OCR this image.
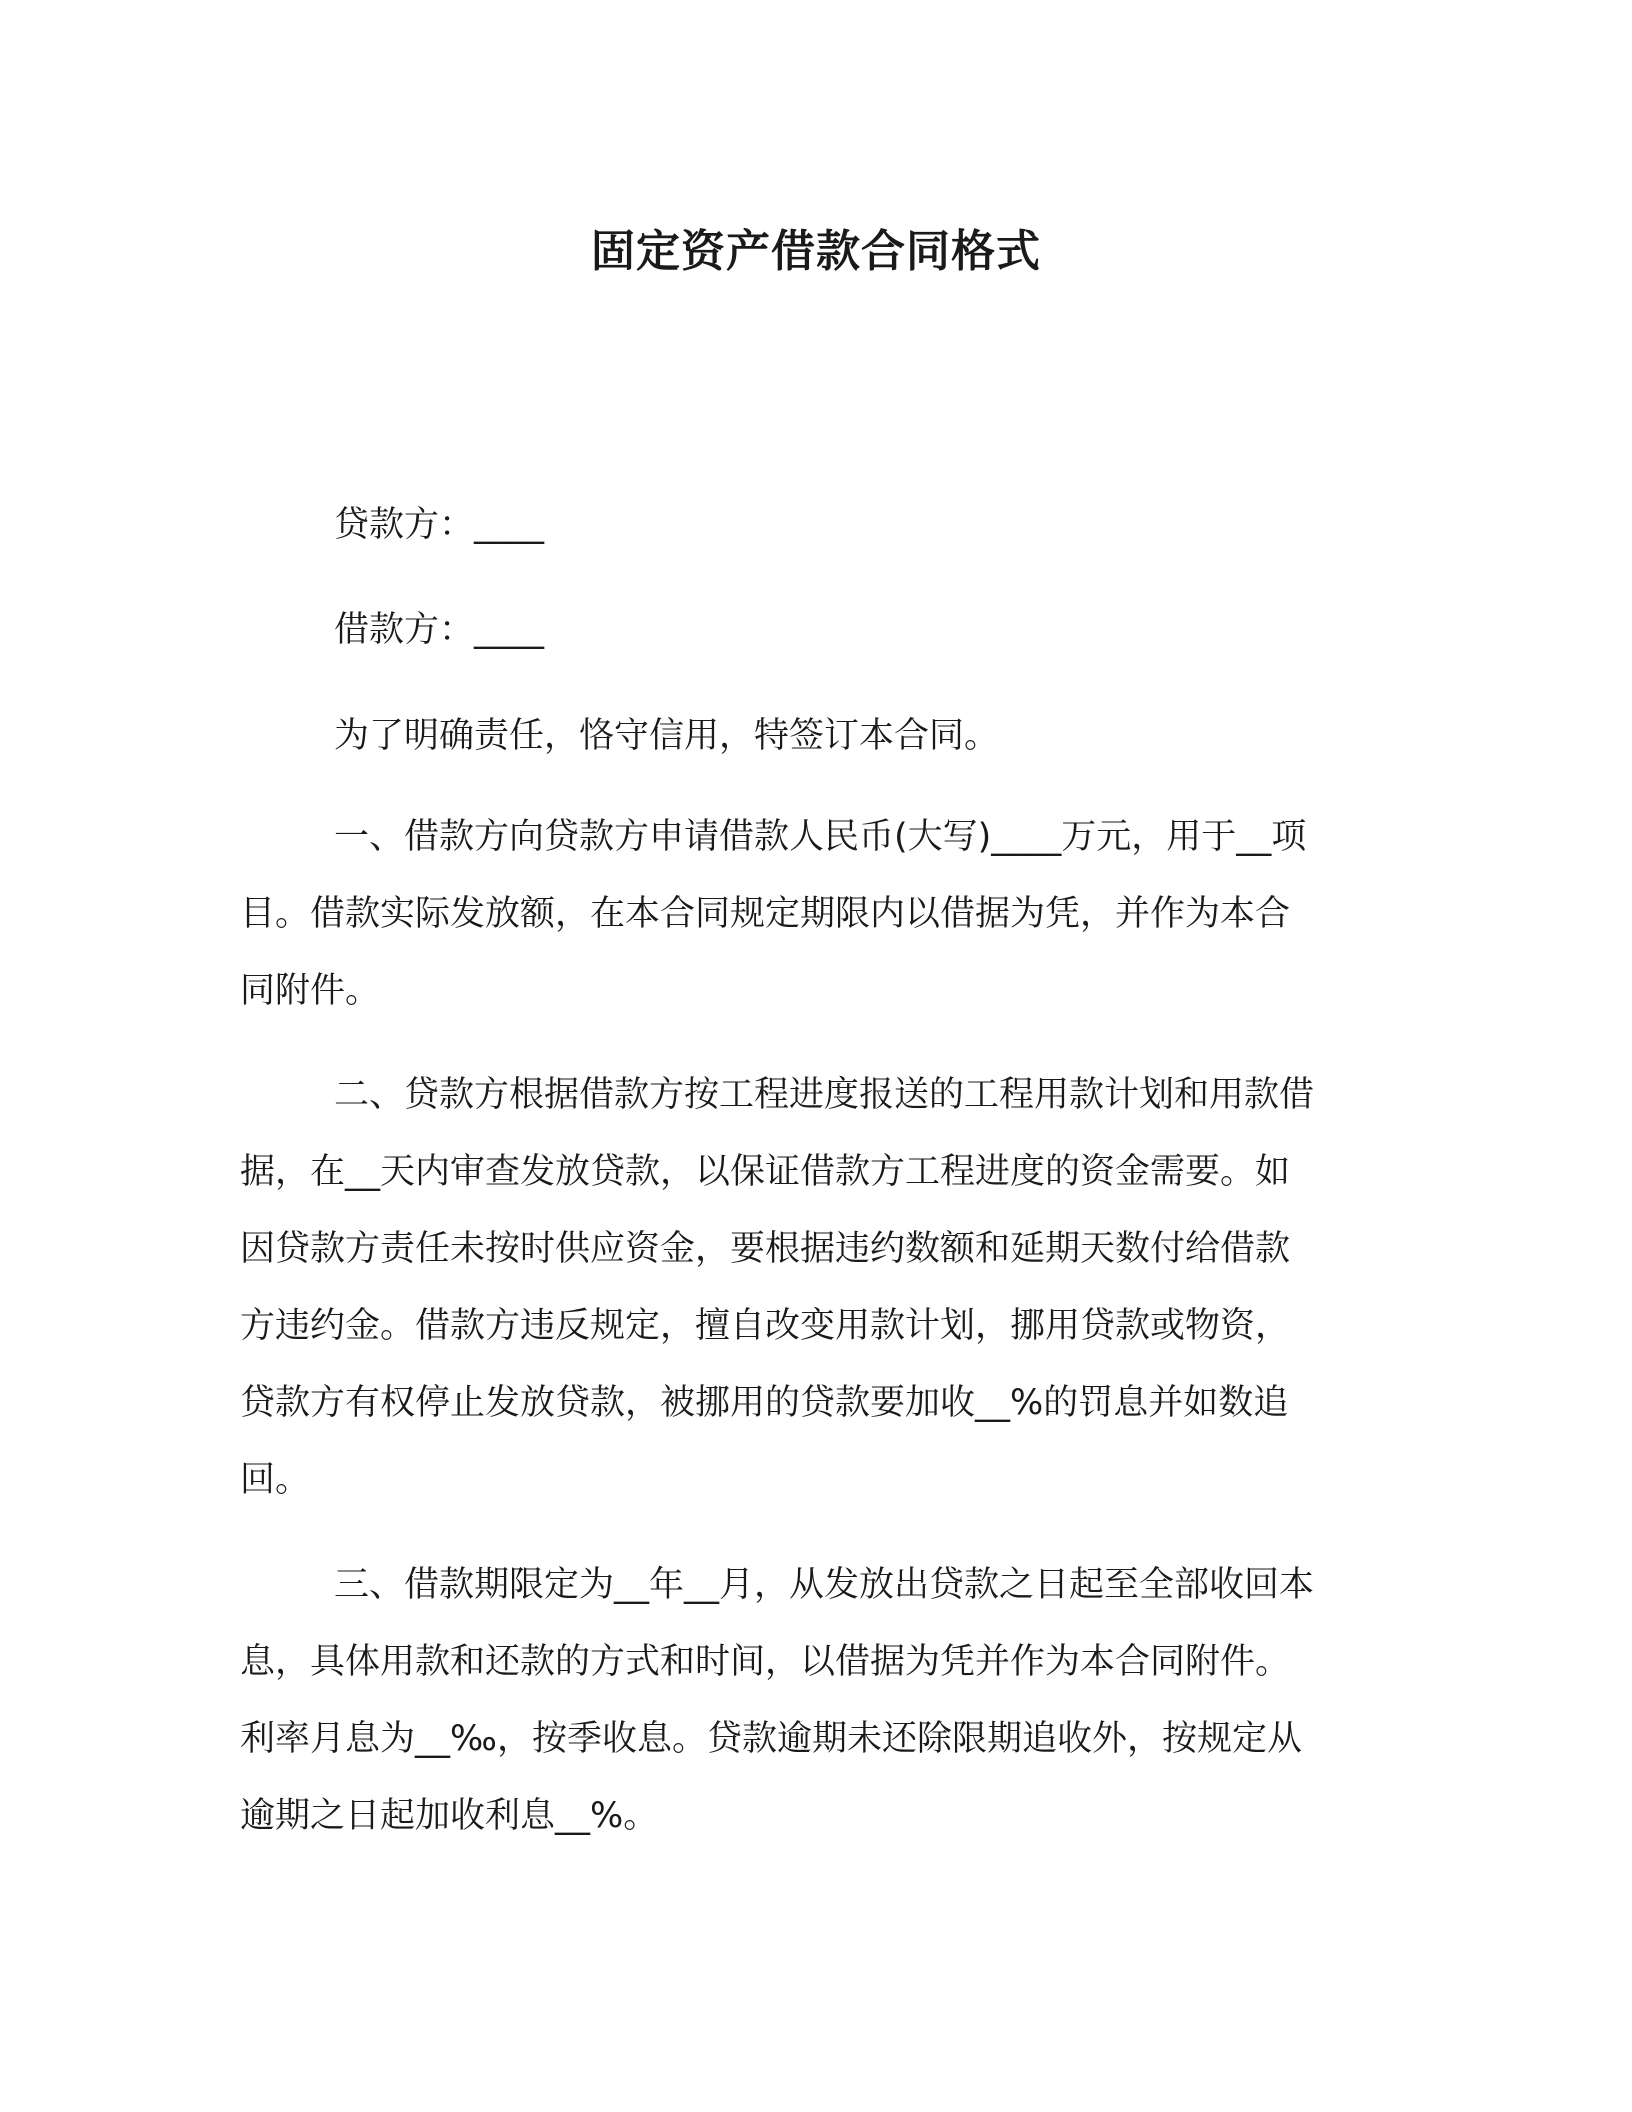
固定资产借款合同格式
贷款方：____
借款方：____
为了明确责任，恪守信用，特签订本合同。
一、借款方向贷款方申请借款人民币(大写)____万元，用于__项
目。借款实际发放额，在本合同规定期限内以借据为凭，并作为本合
同附件。
二、贷款方根据借款方按工程进度报送的工程用款计划和用款借
据，在__天内审查发放贷款，以保证借款方工程进度的资金需要。如
因贷款方责任未按时供应资金，要根据违约数额和延期天数付给借款
方违约金。借款方违反规定，擅自改变用款计划，挪用贷款或物资，
贷款方有权停止发放贷款，被挪用的贷款要加收__%的罚息并如数追
回。
三、借款期限定为__年__月，从发放出贷款之日起至全部收回本
息，具体用款和还款的方式和时间，以借据为凭并作为本合同附件。
利率月息为__‰，按季收息。贷款逾期未还除限期追收外，按规定从
逾期之日起加收利息__%。
